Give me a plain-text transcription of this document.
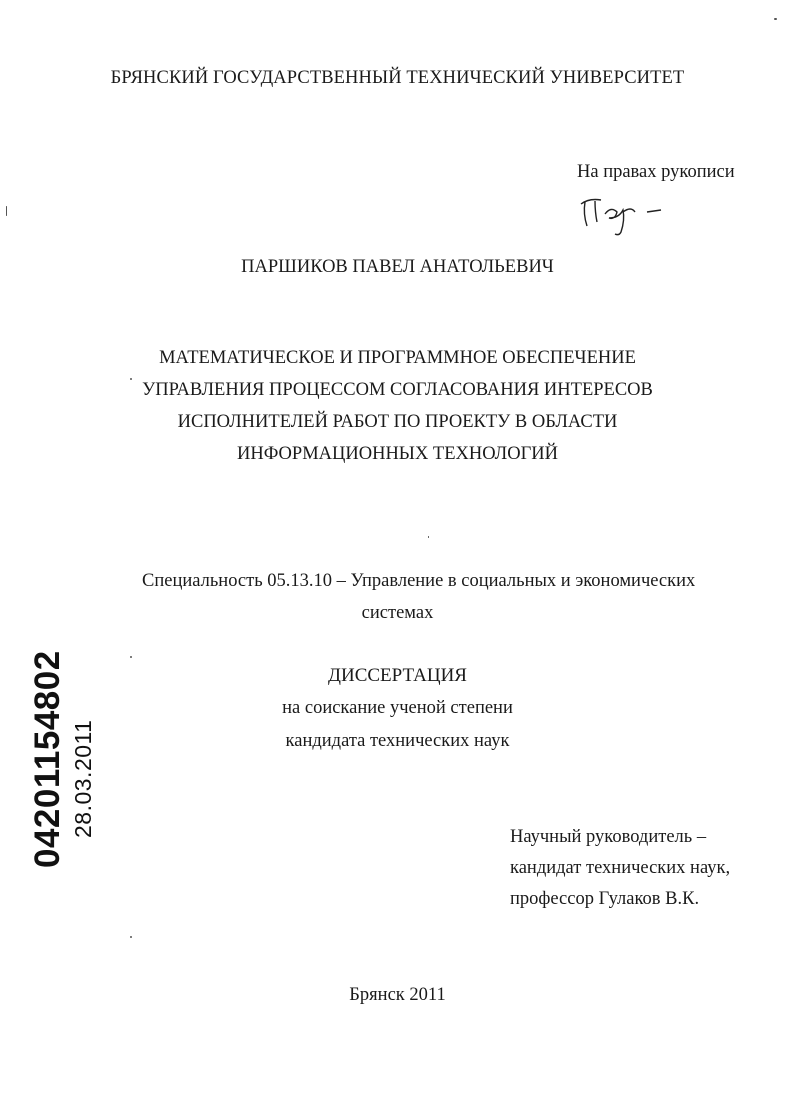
БРЯНСКИЙ ГОСУДАРСТВЕННЫЙ ТЕХНИЧЕСКИЙ УНИВЕРСИТЕТ
На правах рукописи
ПАРШИКОВ ПАВЕЛ АНАТОЛЬЕВИЧ
МАТЕМАТИЧЕСКОЕ И ПРОГРАММНОЕ ОБЕСПЕЧЕНИЕ
УПРАВЛЕНИЯ ПРОЦЕССОМ СОГЛАСОВАНИЯ ИНТЕРЕСОВ
ИСПОЛНИТЕЛЕЙ РАБОТ ПО ПРОЕКТУ В ОБЛАСТИ
ИНФОРМАЦИОННЫХ ТЕХНОЛОГИЙ
Специальность 05.13.10 – Управление в социальных и экономических
системах
ДИССЕРТАЦИЯ
на соискание ученой степени
кандидата технических наук
Научный руководитель –
кандидат технических наук,
профессор Гулаков В.К.
Брянск 2011
04201154802 28.03.2011
